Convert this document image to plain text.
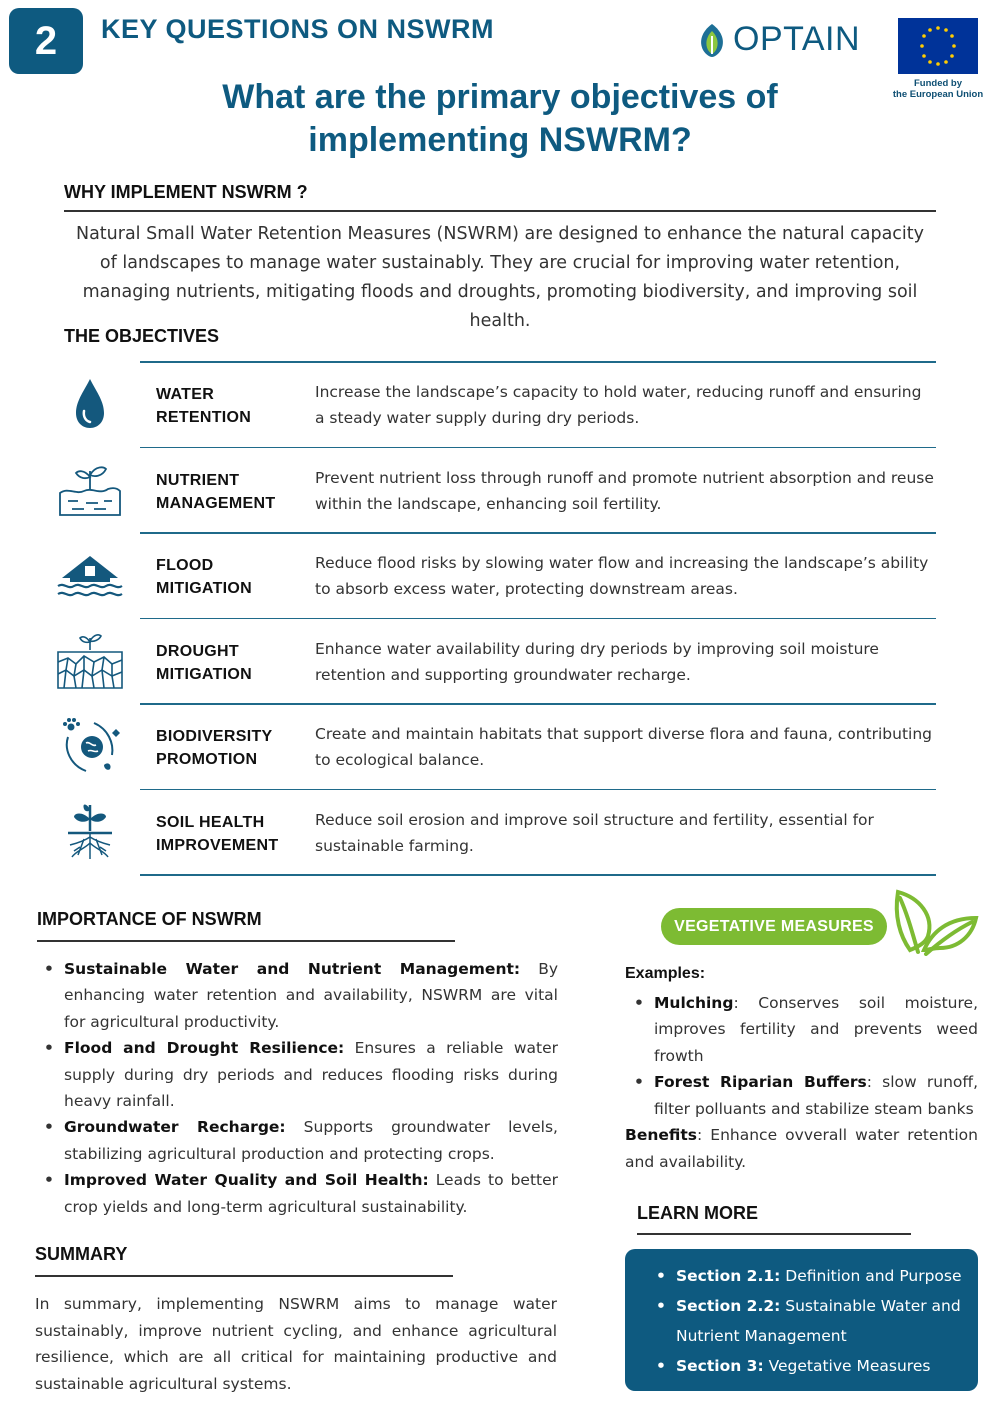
2	KEY QUESTIONS ON NSWRM	OPTAIN
Funded by
the European Union
What are the primary objectives of
implementing NSWRM?
WHY IMPLEMENT NSWRM ?
Natural Small Water Retention Measures (NSWRM) are designed to enhance the natural capacity of landscapes to manage water sustainably. They are crucial for improving water retention, managing nutrients, mitigating floods and droughts, promoting biodiversity, and improving soil health.
THE OBJECTIVES
WATER
RETENTION
Increase the landscape’s capacity to hold water, reducing runoff and ensuring a steady water supply during dry periods.
NUTRIENT
MANAGEMENT
Prevent nutrient loss through runoff and promote nutrient absorption and reuse within the landscape, enhancing soil fertility.
FLOOD
MITIGATION
Reduce flood risks by slowing water flow and increasing the landscape’s ability to absorb excess water, protecting downstream areas.
DROUGHT
MITIGATION
Enhance water availability during dry periods by improving soil moisture retention and supporting groundwater recharge.
BIODIVERSITY
PROMOTION
Create and maintain habitats that support diverse flora and fauna, contributing to ecological balance.
SOIL HEALTH
IMPROVEMENT
Reduce soil erosion and improve soil structure and fertility, essential for sustainable farming.
IMPORTANCE OF NSWRM
• Sustainable Water and Nutrient Management: By enhancing water retention and availability, NSWRM are vital for agricultural productivity.
• Flood and Drought Resilience: Ensures a reliable water supply during dry periods and reduces flooding risks during heavy rainfall.
• Groundwater Recharge: Supports groundwater levels, stabilizing agricultural production and protecting crops.
• Improved Water Quality and Soil Health: Leads to better crop yields and long-term agricultural sustainability.
SUMMARY
In summary, implementing NSWRM aims to manage water sustainably, improve nutrient cycling, and enhance agricultural resilience, which are all critical for maintaining productive and sustainable agricultural systems.
VEGETATIVE MEASURES
Examples:
• Mulching: Conserves soil moisture, improves fertility and prevents weed frowth
• Forest Riparian Buffers: slow runoff, filter polluants and stabilize steam banks
Benefits: Enhance ovverall water retention and availability.
LEARN MORE
• Section 2.1: Definition and Purpose
• Section 2.2: Sustainable Water and Nutrient Management
• Section 3: Vegetative Measures
